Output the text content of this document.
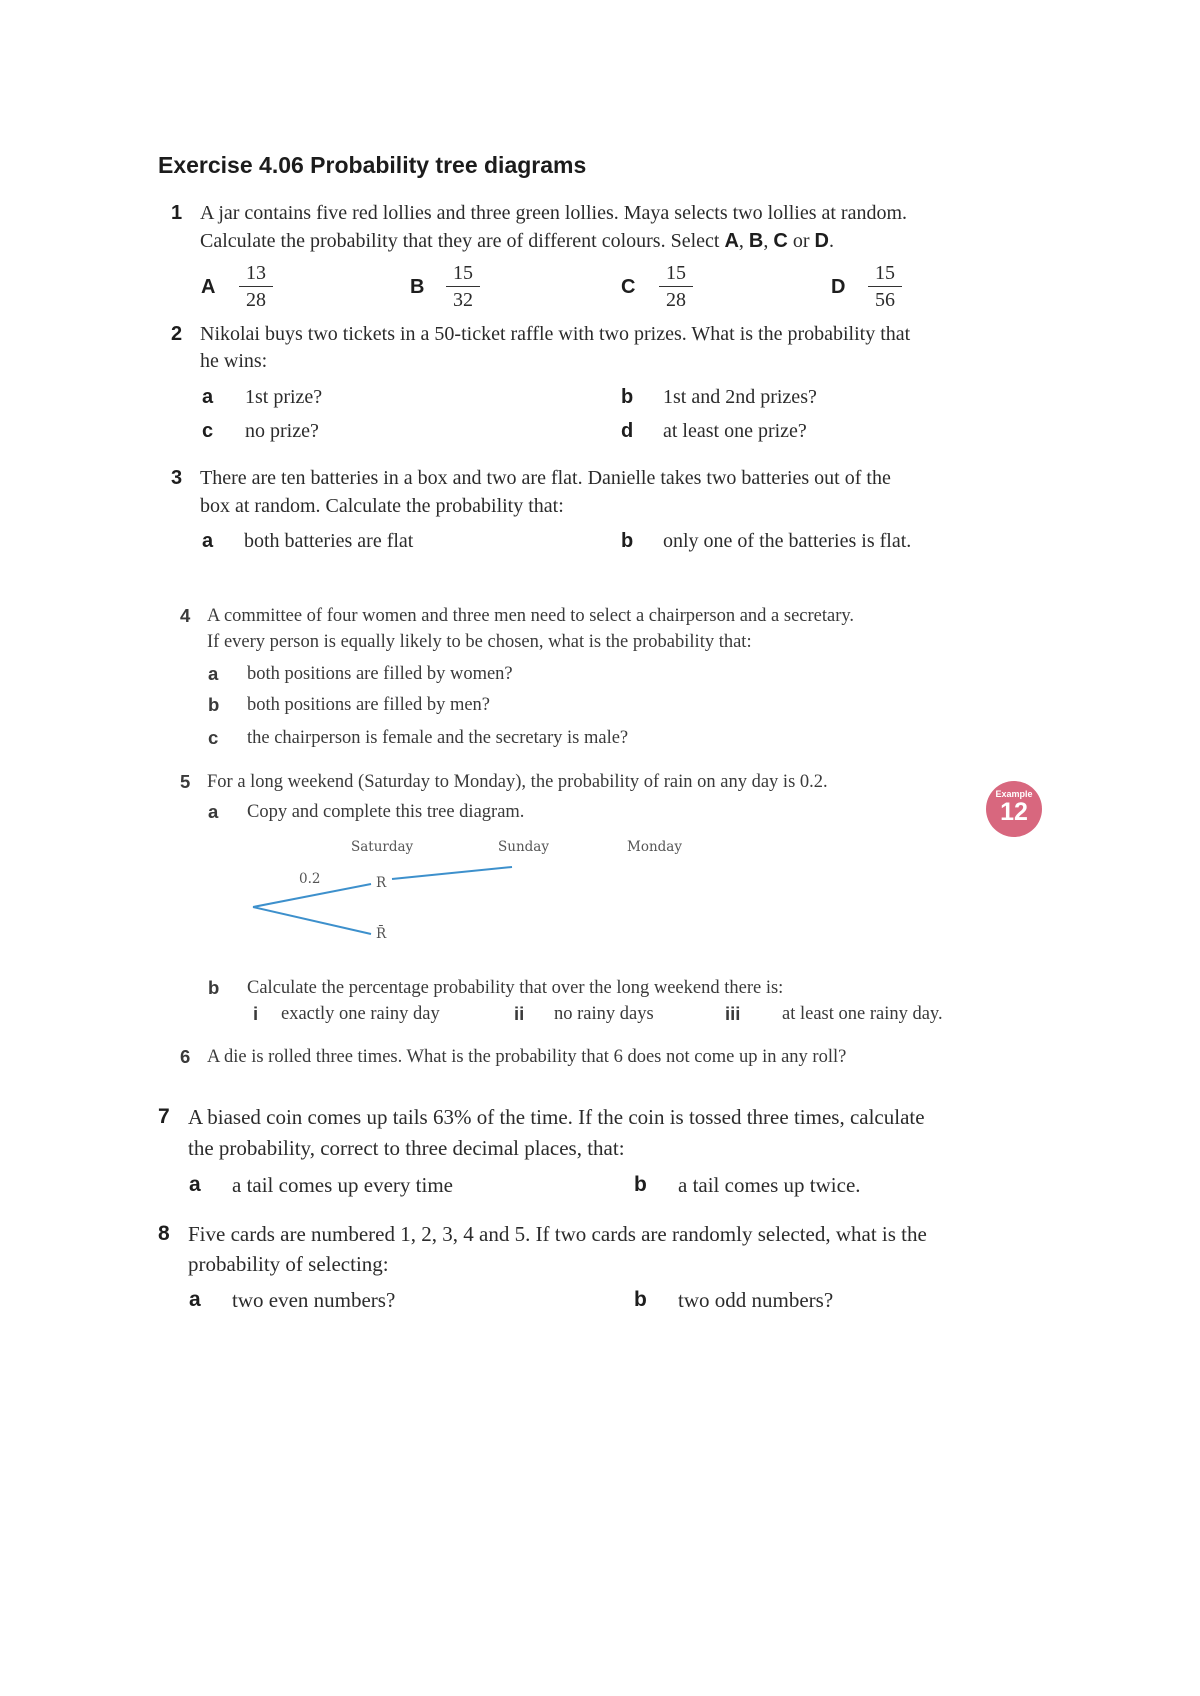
Exercise 4.06 Probability tree diagrams
1 A jar contains five red lollies and three green lollies. Maya selects two lollies at random.
Calculate the probability that they are of different colours. Select A, B, C or D.
A $\frac{13}{28}$	B $\frac{15}{32}$	C $\frac{15}{28}$	D $\frac{15}{56}$
2 Nikolai buys two tickets in a 50-ticket raffle with two prizes. What is the probability that
he wins:
a 1st prize?	b 1st and 2nd prizes?
c no prize?	d at least one prize?
3 There are ten batteries in a box and two are flat. Danielle takes two batteries out of the
box at random. Calculate the probability that:
a both batteries are flat	b only one of the batteries is flat.
4 A committee of four women and three men need to select a chairperson and a secretary.
If every person is equally likely to be chosen, what is the probability that:
a both positions are filled by women?
b both positions are filled by men?
c the chairperson is female and the secretary is male?
5 For a long weekend (Saturday to Monday), the probability of rain on any day is 0.2.
a Copy and complete this tree diagram.
Saturday	Sunday	Monday
0.2	R
R̄
b Calculate the percentage probability that over the long weekend there is:
i exactly one rainy day	ii no rainy days	iii at least one rainy day.
Example
12
6 A die is rolled three times. What is the probability that 6 does not come up in any roll?
7 A biased coin comes up tails 63% of the time. If the coin is tossed three times, calculate
the probability, correct to three decimal places, that:
a a tail comes up every time	b a tail comes up twice.
8 Five cards are numbered 1, 2, 3, 4 and 5. If two cards are randomly selected, what is the
probability of selecting:
a two even numbers?	b two odd numbers?
